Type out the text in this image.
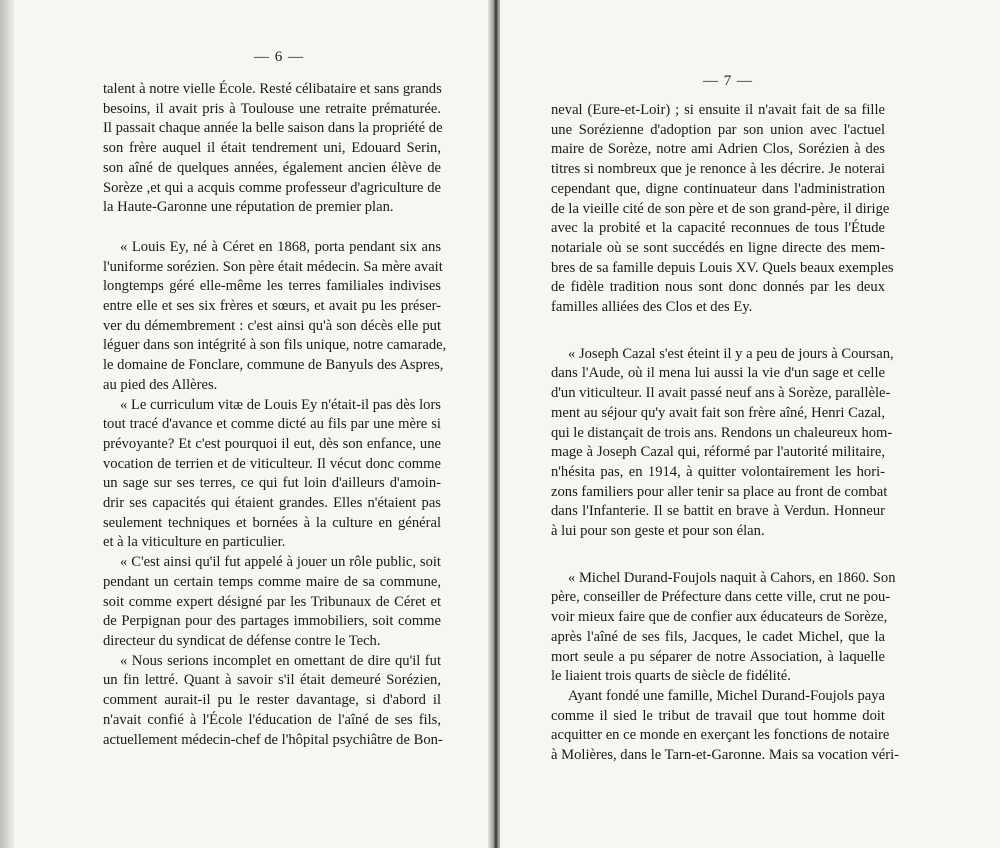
— 6 —

talent à notre vielle École. Resté célibataire et sans grands
besoins, il avait pris à Toulouse une retraite prématurée.
Il passait chaque année la belle saison dans la propriété de
son frère auquel il était tendrement uni, Edouard Serin,
son aîné de quelques années, également ancien élève de
Sorèze ,et qui a acquis comme professeur d'agriculture de
la Haute-Garonne une réputation de premier plan.

« Louis Ey, né à Céret en 1868, porta pendant six ans
l'uniforme sorézien. Son père était médecin. Sa mère avait
longtemps géré elle-même les terres familiales indivises
entre elle et ses six frères et sœurs, et avait pu les préser-
ver du démembrement : c'est ainsi qu'à son décès elle put
léguer dans son intégrité à son fils unique, notre camarade,
le domaine de Fonclare, commune de Banyuls des Aspres,
au pied des Allères.

« Le curriculum vitæ de Louis Ey n'était-il pas dès lors
tout tracé d'avance et comme dicté au fils par une mère si
prévoyante? Et c'est pourquoi il eut, dès son enfance, une
vocation de terrien et de viticulteur. Il vécut donc comme
un sage sur ses terres, ce qui fut loin d'ailleurs d'amoin-
drir ses capacités qui étaient grandes. Elles n'étaient pas
seulement techniques et bornées à la culture en général
et à la viticulture en particulier.

« C'est ainsi qu'il fut appelé à jouer un rôle public, soit
pendant un certain temps comme maire de sa commune,
soit comme expert désigné par les Tribunaux de Céret et
de Perpignan pour des partages immobiliers, soit comme
directeur du syndicat de défense contre le Tech.

« Nous serions incomplet en omettant de dire qu'il fut
un fin lettré. Quant à savoir s'il était demeuré Sorézien,
comment aurait-il pu le rester davantage, si d'abord il
n'avait confié à l'École l'éducation de l'aîné de ses fils,
actuellement médecin-chef de l'hôpital psychiâtre de Bon-

— 7 —

neval (Eure-et-Loir) ; si ensuite il n'avait fait de sa fille
une Sorézienne d'adoption par son union avec l'actuel
maire de Sorèze, notre ami Adrien Clos, Sorézien à des
titres si nombreux que je renonce à les décrire. Je noterai
cependant que, digne continuateur dans l'administration
de la vieille cité de son père et de son grand-père, il dirige
avec la probité et la capacité reconnues de tous l'Étude
notariale où se sont succédés en ligne directe des mem-
bres de sa famille depuis Louis XV. Quels beaux exemples
de fidèle tradition nous sont donc donnés par les deux
familles alliées des Clos et des Ey.

« Joseph Cazal s'est éteint il y a peu de jours à Coursan,
dans l'Aude, où il mena lui aussi la vie d'un sage et celle
d'un viticulteur. Il avait passé neuf ans à Sorèze, parallèle-
ment au séjour qu'y avait fait son frère aîné, Henri Cazal,
qui le distançait de trois ans. Rendons un chaleureux hom-
mage à Joseph Cazal qui, réformé par l'autorité militaire,
n'hésita pas, en 1914, à quitter volontairement les hori-
zons familiers pour aller tenir sa place au front de combat
dans l'Infanterie. Il se battit en brave à Verdun. Honneur
à lui pour son geste et pour son élan.

« Michel Durand-Foujols naquit à Cahors, en 1860. Son
père, conseiller de Préfecture dans cette ville, crut ne pou-
voir mieux faire que de confier aux éducateurs de Sorèze,
après l'aîné de ses fils, Jacques, le cadet Michel, que la
mort seule a pu séparer de notre Association, à laquelle
le liaient trois quarts de siècle de fidélité.

Ayant fondé une famille, Michel Durand-Foujols paya
comme il sied le tribut de travail que tout homme doit
acquitter en ce monde en exerçant les fonctions de notaire
à Molières, dans le Tarn-et-Garonne. Mais sa vocation véri-
